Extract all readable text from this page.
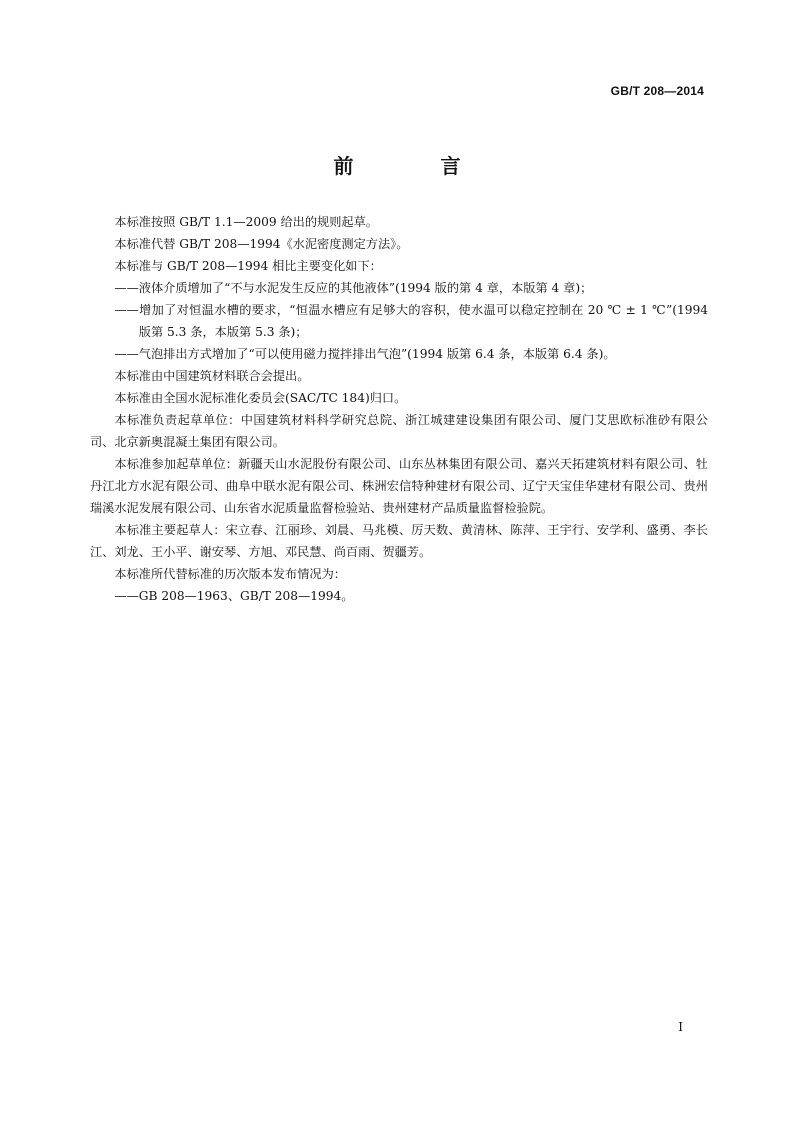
GB/T 208—2014
前 言

本标准按照 GB/T 1.1—2009 给出的规则起草。

本标准代替 GB/T 208—1994《水泥密度测定方法》。

本标准与 GB/T 208—1994 相比主要变化如下：

——液体介质增加了“不与水泥发生反应的其他液体”(1994 版的第 4 章，本版第 4 章)；

——增加了对恒温水槽的要求，“恒温水槽应有足够大的容积，使水温可以稳定控制在 20 ℃ ± 1 ℃”(1994 版第 5.3 条，本版第 5.3 条)；

——气泡排出方式增加了“可以使用磁力搅拌排出气泡”(1994 版第 6.4 条，本版第 6.4 条)。

本标准由中国建筑材料联合会提出。

本标准由全国水泥标准化委员会(SAC/TC 184)归口。

本标准负责起草单位：中国建筑材料科学研究总院、浙江城建建设集团有限公司、厦门艾思欧标准砂有限公司、北京新奥混凝土集团有限公司。

本标准参加起草单位：新疆天山水泥股份有限公司、山东丛林集团有限公司、嘉兴天拓建筑材料有限公司、牡丹江北方水泥有限公司、曲阜中联水泥有限公司、株洲宏信特种建材有限公司、辽宁天宝佳华建材有限公司、贵州瑞溪水泥发展有限公司、山东省水泥质量监督检验站、贵州建材产品质量监督检验院。

本标准主要起草人：宋立春、江丽珍、刘晨、马兆模、厉天数、黄清林、陈萍、王宇行、安学利、盛勇、李长江、刘龙、王小平、谢安琴、方旭、邓民慧、尚百雨、贺疆芳。

本标准所代替标准的历次版本发布情况为：

——GB 208—1963、GB/T 208—1994。

I
